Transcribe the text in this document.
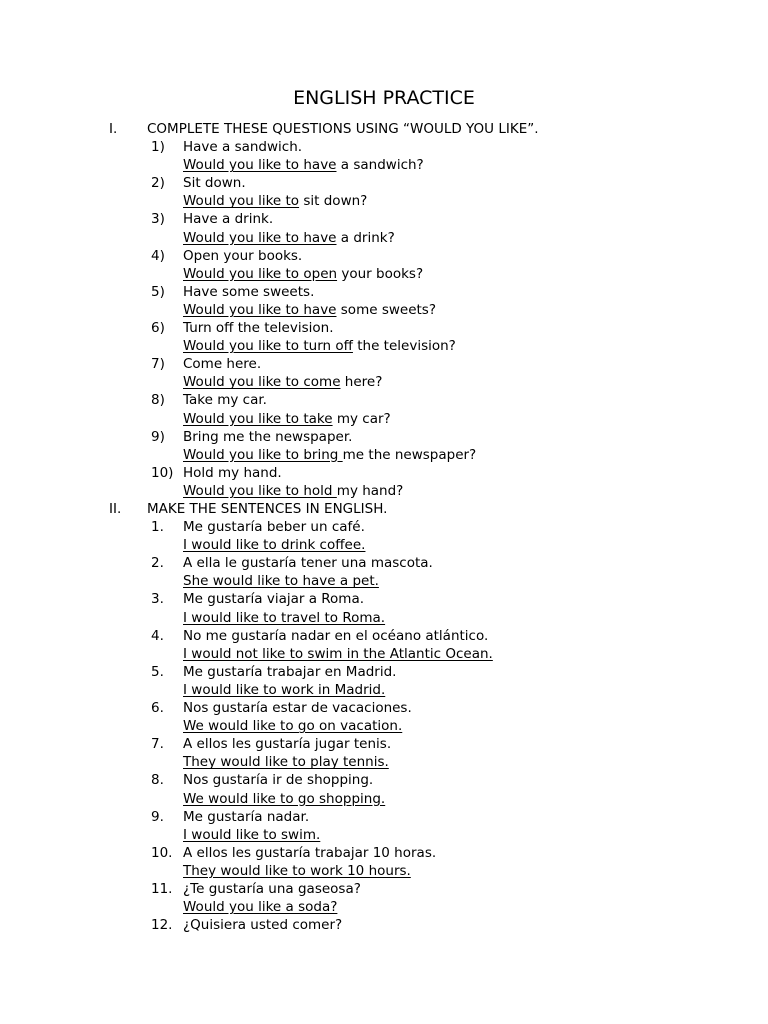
ENGLISH PRACTICE
I. COMPLETE THESE QUESTIONS USING “WOULD YOU LIKE”.
1) Have a sandwich.
Would you like to have a sandwich?
2) Sit down.
Would you like to sit down?
3) Have a drink.
Would you like to have a drink?
4) Open your books.
Would you like to open your books?
5) Have some sweets.
Would you like to have some sweets?
6) Turn off the television.
Would you like to turn off the television?
7) Come here.
Would you like to come here?
8) Take my car.
Would you like to take my car?
9) Bring me the newspaper.
Would you like to bring me the newspaper?
10) Hold my hand.
Would you like to hold my hand?
II. MAKE THE SENTENCES IN ENGLISH.
1. Me gustaría beber un café.
I would like to drink coffee.
2. A ella le gustaría tener una mascota.
She would like to have a pet.
3. Me gustaría viajar a Roma.
I would like to travel to Roma.
4. No me gustaría nadar en el océano atlántico.
I would not like to swim in the Atlantic Ocean.
5. Me gustaría trabajar en Madrid.
I would like to work in Madrid.
6. Nos gustaría estar de vacaciones.
We would like to go on vacation.
7. A ellos les gustaría jugar tenis.
They would like to play tennis.
8. Nos gustaría ir de shopping.
We would like to go shopping.
9. Me gustaría nadar.
I would like to swim.
10. A ellos les gustaría trabajar 10 horas.
They would like to work 10 hours.
11. ¿Te gustaría una gaseosa?
Would you like a soda?
12. ¿Quisiera usted comer?
